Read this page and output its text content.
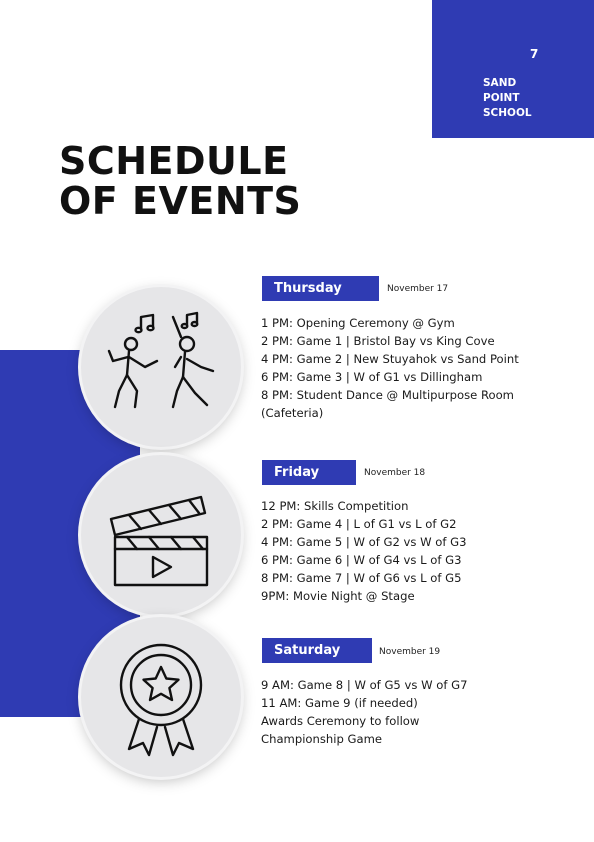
7
SAND
POINT
SCHOOL
SCHEDULE
OF EVENTS
Thursday	November 17
1 PM: Opening Ceremony @ Gym
2 PM: Game 1 | Bristol Bay vs King Cove
4 PM: Game 2 | New Stuyahok vs Sand Point
6 PM: Game 3 | W of G1 vs Dillingham
8 PM: Student Dance @ Multipurpose Room
(Cafeteria)
Friday	November 18
12 PM: Skills Competition
2 PM: Game 4 | L of G1 vs L of G2
4 PM: Game 5 | W of G2 vs W of G3
6 PM: Game 6 | W of G4 vs L of G3
8 PM: Game 7 | W of G6 vs L of G5
9PM: Movie Night @ Stage
Saturday	November 19
9 AM: Game 8 | W of G5 vs W of G7
11 AM: Game 9 (if needed)
Awards Ceremony to follow
Championship Game
